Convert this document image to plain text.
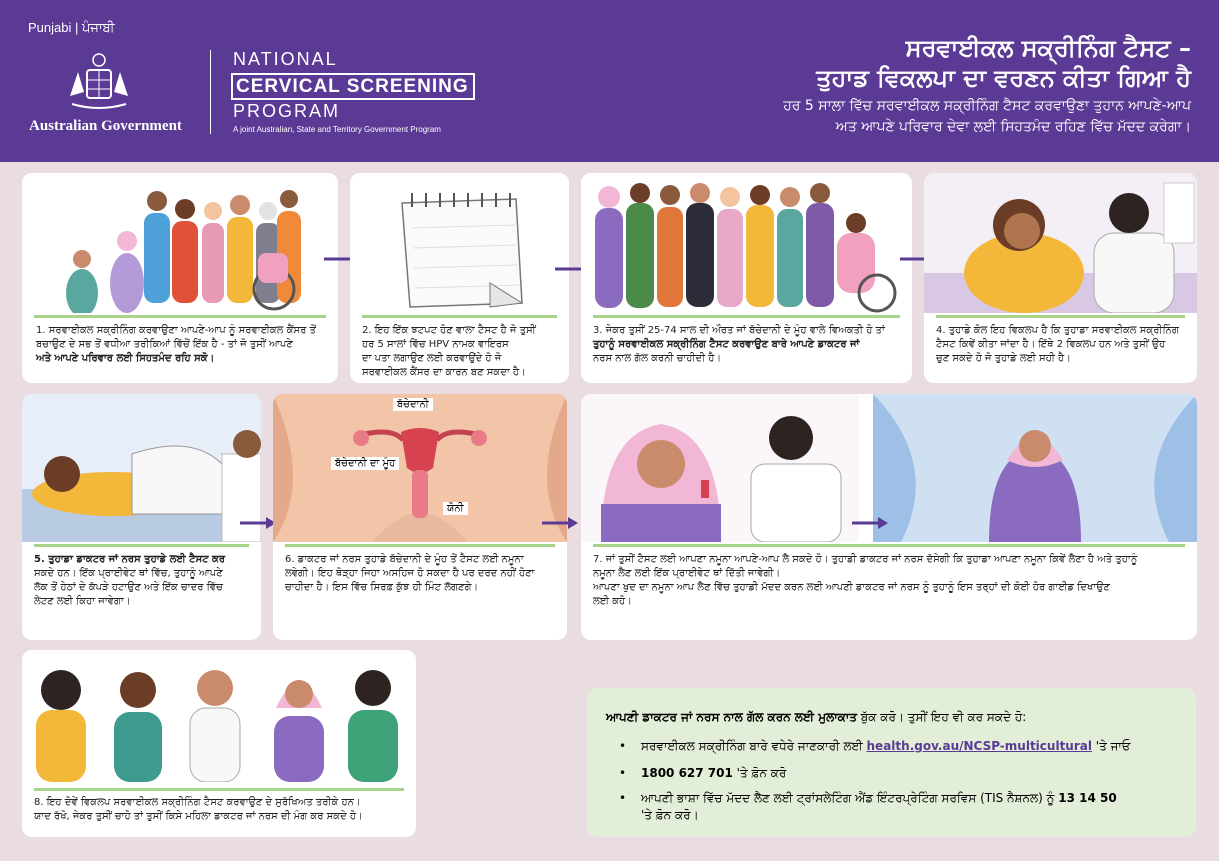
Punjabi | ਪੰਜਾਬੀ
Australian Government
NATIONAL
CERVICAL SCREENING
PROGRAM
A joint Australian, State and Territory Government Program
ਸਰਵਾਈਕਲ ਸਕ੍ਰੀਨਿੰਗ ਟੈਸਟ –
ਤੁਹਾਡ ਵਿਕਲਪਾ ਦਾ ਵਰਣਨ ਕੀਤਾ ਗਿਆ ਹੈ
ਹਰ 5 ਸਾਲਾ ਵਿੱਚ ਸਰਵਾਈਕਲ ਸਕ੍ਰੀਨਿੰਗ ਟੈਸਟ ਕਰਵਾਉਣਾ ਤੁਹਾਨ ਆਪਣੇ-ਆਪ
ਅਤ ਆਪਣੇ ਪਰਿਵਾਰ ਦੇਵਾ ਲਈ ਸਿਹਤਮੰਦ ਰਹਿਣ ਵਿੱਚ ਮੱਦਦ ਕਰੇਗਾ।
1. ਸਰਵਾਈਕਲ ਸਕ੍ਰੀਨਿੰਗ ਕਰਵਾਉਣਾ ਆਪਣੇ-ਆਪ ਨੂੰ ਸਰਵਾਈਕਲ ਕੈਂਸਰ ਤੋਂ
ਬਚਾਉਣ ਦੇ ਸਭ ਤੋਂ ਵਧੀਆ ਤਰੀਕਿਆਂ ਵਿੱਚੋਂ ਇੱਕ ਹੈ - ਤਾਂ ਜੋ ਤੁਸੀਂ ਆਪਣੇ
ਅਤੇ ਆਪਣੇ ਪਰਿਵਾਰ ਲਈ ਸਿਹਤਮੰਦ ਰਹਿ ਸਕੋ।
2. ਇਹ ਇੱਕ ਝਟਪਟ ਹੋਣ ਵਾਲਾ ਟੈਸਟ ਹੈ ਜੋ ਤੁਸੀਂ
ਹਰ 5 ਸਾਲਾਂ ਵਿੱਚ HPV ਨਾਮਕ ਵਾਇਰਸ
ਦਾ ਪਤਾ ਲਗਾਉਣ ਲਈ ਕਰਵਾਉਂਦੇ ਹੋ ਜੋ
ਸਰਵਾਈਕਲ ਕੈਂਸਰ ਦਾ ਕਾਰਨ ਬਣ ਸਕਦਾ ਹੈ।
3. ਜੇਕਰ ਤੁਸੀਂ 25-74 ਸਾਲ ਦੀ ਔਰਤ ਜਾਂ ਬੱਚੇਦਾਨੀ ਦੇ ਮੂੰਹ ਵਾਲੇ ਵਿਅਕਤੀ ਹੋ ਤਾਂ
ਤੁਹਾਨੂੰ ਸਰਵਾਈਕਲ ਸਕ੍ਰੀਨਿੰਗ ਟੈਸਟ ਕਰਵਾਉਣ ਬਾਰੇ ਆਪਣੇ ਡਾਕਟਰ ਜਾਂ
ਨਰਸ ਨਾਲ ਗੱਲ ਕਰਨੀ ਚਾਹੀਦੀ ਹੈ।
4. ਤੁਹਾਡੇ ਕੋਲ ਇਹ ਵਿਕਲਪ ਹੈ ਕਿ ਤੁਹਾਡਾ ਸਰਵਾਈਕਲ ਸਕ੍ਰੀਨਿੰਗ
ਟੈਸਟ ਕਿਵੇਂ ਕੀਤਾ ਜਾਂਦਾ ਹੈ। ਇੱਥੇ 2 ਵਿਕਲਪ ਹਨ ਅਤੇ ਤੁਸੀਂ ਉਹ
ਚੁਣ ਸਕਦੇ ਹੋ ਜੋ ਤੁਹਾਡੇ ਲਈ ਸਹੀ ਹੈ।
5. ਤੁਹਾਡਾ ਡਾਕਟਰ ਜਾਂ ਨਰਸ ਤੁਹਾਡੇ ਲਈ ਟੈਸਟ ਕਰ
ਸਕਦੇ ਹਨ। ਇੱਕ ਪ੍ਰਾਈਵੇਟ ਥਾਂ ਵਿੱਚ, ਤੁਹਾਨੂੰ ਆਪਣੇ
ਲੱਕ ਤੋਂ ਹੇਠਾਂ ਦੇ ਕੱਪੜੇ ਹਟਾਉਣ ਅਤੇ ਇੱਕ ਚਾਦਰ ਵਿੱਚ
ਲੇਟਣ ਲਈ ਕਿਹਾ ਜਾਵੇਗਾ।
ਬੱਚੇਦਾਨੀ
ਬੱਚੇਦਾਨੀ ਦਾ ਮੂੰਹ
ਯੋਨੀ
6. ਡਾਕਟਰ ਜਾਂ ਨਰਸ ਤੁਹਾਡੇ ਬੱਚੇਦਾਨੀ ਦੇ ਮੂੰਹ ਤੋਂ ਟੈਸਟ ਲਈ ਨਮੂਨਾ
ਲਵੇਗੀ। ਇਹ ਥੋੜ੍ਹਾ ਜਿਹਾ ਅਸਹਿਜ ਹੋ ਸਕਦਾ ਹੈ ਪਰ ਦਰਦ ਨਹੀਂ ਹੋਣਾ
ਚਾਹੀਦਾ ਹੈ। ਇਸ ਵਿੱਚ ਸਿਰਫ਼ ਕੁੱਝ ਹੀ ਮਿੰਟ ਲੱਗਣਗੇ।
7. ਜਾਂ ਤੁਸੀਂ ਟੈਸਟ ਲਈ ਆਪਣਾ ਨਮੂਨਾ ਆਪਣੇ-ਆਪ ਲੈ ਸਕਦੇ ਹੋ। ਤੁਹਾਡੀ ਡਾਕਟਰ ਜਾਂ ਨਰਸ ਦੱਸੇਗੀ ਕਿ ਤੁਹਾਡਾ ਆਪਣਾ ਨਮੂਨਾ ਕਿਵੇਂ ਲੈਣਾ ਹੈ ਅਤੇ ਤੁਹਾਨੂੰ
ਨਮੂਨਾ ਲੈਣ ਲਈ ਇੱਕ ਪ੍ਰਾਈਵੇਟ ਥਾਂ ਦਿੱਤੀ ਜਾਵੇਗੀ।
ਆਪਣਾ ਖੁਦ ਦਾ ਨਮੂਨਾ ਆਪ ਲੈਣ ਵਿੱਚ ਤੁਹਾਡੀ ਮੱਦਦ ਕਰਨ ਲਈ ਆਪਣੀ ਡਾਕਟਰ ਜਾਂ ਨਰਸ ਨੂੰ ਤੁਹਾਨੂੰ ਇਸ ਤਰ੍ਹਾਂ ਦੀ ਕੋਈ ਹੋਰ ਗਾਈਡ ਦਿਖਾਉਣ
ਲਈ ਕਹੋ।
8. ਇਹ ਦੋਵੇਂ ਵਿਕਲਪ ਸਰਵਾਈਕਲ ਸਕ੍ਰੀਨਿੰਗ ਟੈਸਟ ਕਰਵਾਉਣ ਦੇ ਸੁਰੱਖਿਅਤ ਤਰੀਕੇ ਹਨ।
ਯਾਦ ਰੱਖੋ, ਜੇਕਰ ਤੁਸੀਂ ਚਾਹੋ ਤਾਂ ਤੁਸੀਂ ਕਿਸੇ ਮਹਿਲਾ ਡਾਕਟਰ ਜਾਂ ਨਰਸ ਦੀ ਮੰਗ ਕਰ ਸਕਦੇ ਹੋ।
ਆਪਣੀ ਡਾਕਟਰ ਜਾਂ ਨਰਸ ਨਾਲ ਗੱਲ ਕਰਨ ਲਈ ਮੁਲਾਕਾਤ ਬੁੱਕ ਕਰੋ। ਤੁਸੀਂ ਇਹ ਵੀ ਕਰ ਸਕਦੇ ਹੋ:
• ਸਰਵਾਈਕਲ ਸਕ੍ਰੀਨਿੰਗ ਬਾਰੇ ਵਧੇਰੇ ਜਾਣਕਾਰੀ ਲਈ health.gov.au/NCSP-multicultural 'ਤੇ ਜਾਓ
• 1800 627 701 'ਤੇ ਫ਼ੋਨ ਕਰੋ
• ਆਪਣੀ ਭਾਸ਼ਾ ਵਿੱਚ ਮੱਦਦ ਲੈਣ ਲਈ ਟ੍ਰਾਂਸਲੇਟਿੰਗ ਐਂਡ ਇੰਟਰਪ੍ਰੇਟਿੰਗ ਸਰਵਿਸ (TIS ਨੈਸ਼ਨਲ) ਨੂੰ 13 14 50
'ਤੇ ਫ਼ੋਨ ਕਰੋ।
